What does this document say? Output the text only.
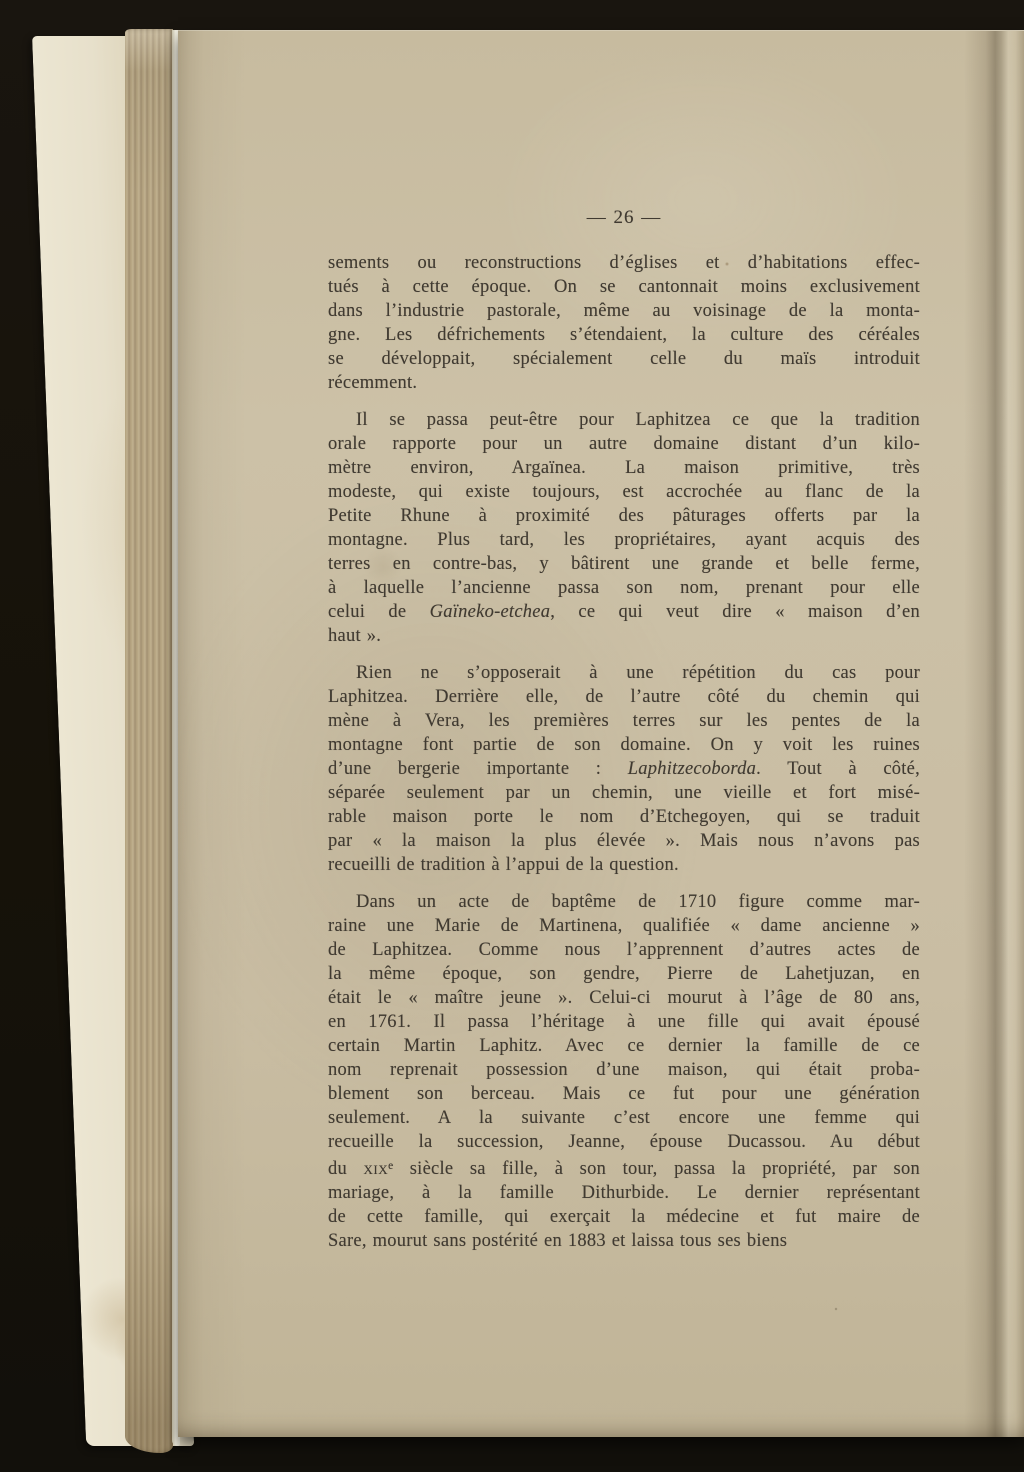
— 26 —

sements ou reconstructions d’églises et d’habitations effec-
tués à cette époque. On se cantonnait moins exclusivement
dans l’industrie pastorale, même au voisinage de la monta-
gne. Les défrichements s’étendaient, la culture des céréales
se développait, spécialement celle du maïs introduit
récemment.

Il se passa peut-être pour Laphitzea ce que la tradition
orale rapporte pour un autre domaine distant d’un kilo-
mètre environ, Argaïnea. La maison primitive, très
modeste, qui existe toujours, est accrochée au flanc de la
Petite Rhune à proximité des pâturages offerts par la
montagne. Plus tard, les propriétaires, ayant acquis des
terres en contre-bas, y bâtirent une grande et belle ferme,
à laquelle l’ancienne passa son nom, prenant pour elle
celui de Gaïneko-etchea, ce qui veut dire « maison d’en
haut ».

Rien ne s’opposerait à une répétition du cas pour
Laphitzea. Derrière elle, de l’autre côté du chemin qui
mène à Vera, les premières terres sur les pentes de la
montagne font partie de son domaine. On y voit les ruines
d’une bergerie importante : Laphitzecoborda. Tout à côté,
séparée seulement par un chemin, une vieille et fort misé-
rable maison porte le nom d’Etchegoyen, qui se traduit
par « la maison la plus élevée ». Mais nous n’avons pas
recueilli de tradition à l’appui de la question.

Dans un acte de baptême de 1710 figure comme mar-
raine une Marie de Martinena, qualifiée « dame ancienne »
de Laphitzea. Comme nous l’apprennent d’autres actes de
la même époque, son gendre, Pierre de Lahetjuzan, en
était le « maître jeune ». Celui-ci mourut à l’âge de 80 ans,
en 1761. Il passa l’héritage à une fille qui avait épousé
certain Martin Laphitz. Avec ce dernier la famille de ce
nom reprenait possession d’une maison, qui était proba-
blement son berceau. Mais ce fut pour une génération
seulement. A la suivante c’est encore une femme qui
recueille la succession, Jeanne, épouse Ducassou. Au début
du xix$^e$ siècle sa fille, à son tour, passa la propriété, par son
mariage, à la famille Dithurbide. Le dernier représentant
de cette famille, qui exerçait la médecine et fut maire de
Sare, mourut sans postérité en 1883 et laissa tous ses biens
